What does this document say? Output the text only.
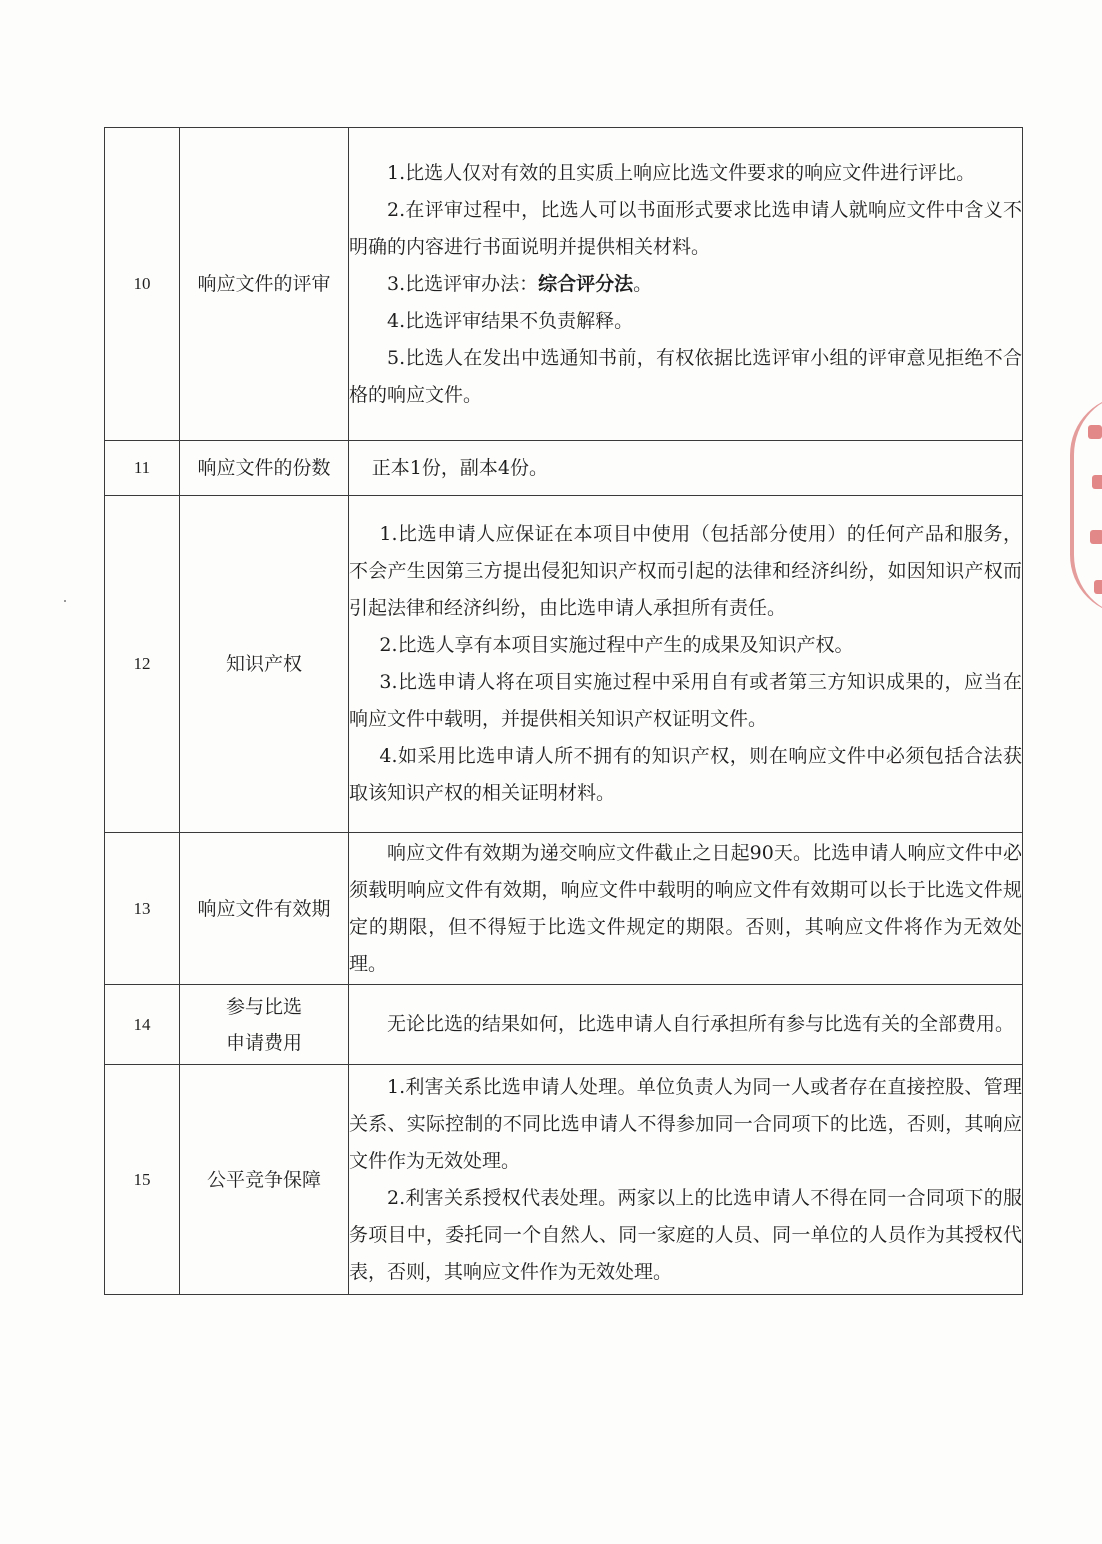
10	响应文件的评审	1.比选人仅对有效的且实质上响应比选文件要求的响应文件进行评比。

2.在评审过程中，比选人可以书面形式要求比选申请人就响应文件中含义不明确的内容进行书面说明并提供相关材料。

3.比选评审办法：综合评分法。

4.比选评审结果不负责解释。

5.比选人在发出中选通知书前，有权依据比选评审小组的评审意见拒绝不合格的响应文件。

11	响应文件的份数	正本1份，副本4份。

12	知识产权	1.比选申请人应保证在本项目中使用（包括部分使用）的任何产品和服务，不会产生因第三方提出侵犯知识产权而引起的法律和经济纠纷，如因知识产权而引起法律和经济纠纷，由比选申请人承担所有责任。

2.比选人享有本项目实施过程中产生的成果及知识产权。

3.比选申请人将在项目实施过程中采用自有或者第三方知识成果的，应当在响应文件中载明，并提供相关知识产权证明文件。

4.如采用比选申请人所不拥有的知识产权，则在响应文件中必须包括合法获取该知识产权的相关证明材料。

13	响应文件有效期	响应文件有效期为递交响应文件截止之日起90天。比选申请人响应文件中必须载明响应文件有效期，响应文件中载明的响应文件有效期可以长于比选文件规定的期限，但不得短于比选文件规定的期限。否则，其响应文件将作为无效处理。

14	参与比选
申请费用	无论比选的结果如何，比选申请人自行承担所有参与比选有关的全部费用。

15	公平竞争保障	1.利害关系比选申请人处理。单位负责人为同一人或者存在直接控股、管理关系、实际控制的不同比选申请人不得参加同一合同项下的比选，否则，其响应文件作为无效处理。

2.利害关系授权代表处理。两家以上的比选申请人不得在同一合同项下的服务项目中，委托同一个自然人、同一家庭的人员、同一单位的人员作为其授权代表，否则，其响应文件作为无效处理。
